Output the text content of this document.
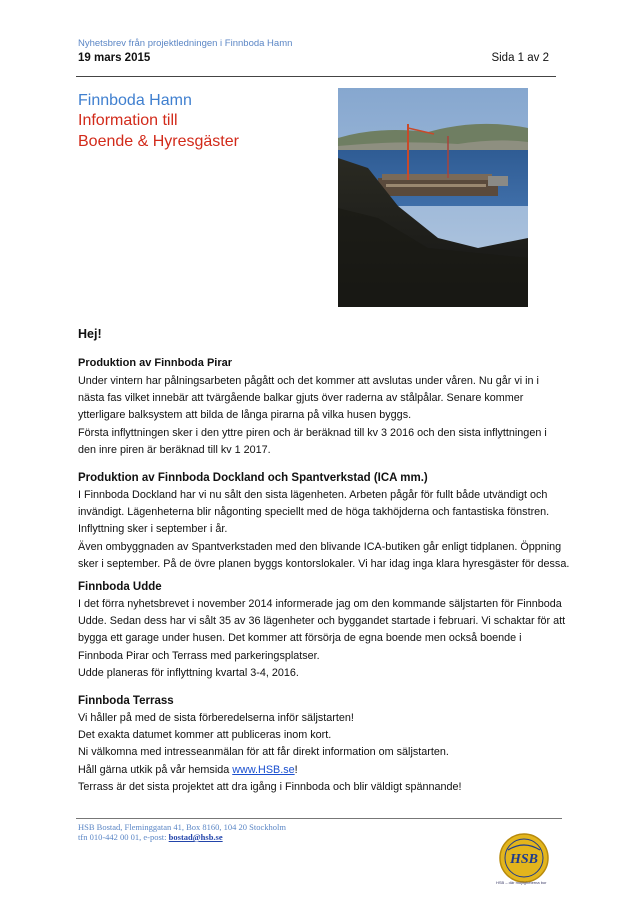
Nyhetsbrev från projektledningen i Finnboda Hamn
19 mars 2015	Sida 1 av 2
Finnboda Hamn
Information till
Boende & Hyresgäster
Hej!
Produktion av Finnboda Pirar
Under vintern har pålningsarbeten pågått och det kommer att avslutas under våren. Nu går vi in i
nästa fas vilket innebär att tvärgående balkar gjuts över raderna av stålpålar. Senare kommer
ytterligare balksystem att bilda de långa pirarna på vilka husen byggs.
Första inflyttningen sker i den yttre piren och är beräknad till kv 3 2016 och den sista inflyttningen i
den inre piren är beräknad till kv 1 2017.
Produktion av Finnboda Dockland och Spantverkstad (ICA mm.)
I Finnboda Dockland har vi nu sålt den sista lägenheten. Arbeten pågår för fullt både utvändigt och
invändigt. Lägenheterna blir någonting speciellt med de höga takhöjderna och fantastiska fönstren.
Inflyttning sker i september i år.
Även ombyggnaden av Spantverkstaden med den blivande ICA-butiken går enligt tidplanen. Öppning
sker i september. På de övre planen byggs kontorslokaler. Vi har idag inga klara hyresgäster för dessa.
Finnboda Udde
I det förra nyhetsbrevet i november 2014 informerade jag om den kommande säljstarten för Finnboda
Udde. Sedan dess har vi sålt 35 av 36 lägenheter och byggandet startade i februari. Vi schaktar för att
bygga ett garage under husen. Det kommer att försörja de egna boende men också boende i
Finnboda Pirar och Terrass med parkeringsplatser.
Udde planeras för inflyttning kvartal 3-4, 2016.
Finnboda Terrass
Vi håller på med de sista förberedelserna inför säljstarten!
Det exakta datumet kommer att publiceras inom kort.
Ni välkomna med intresseanmälan för att får direkt information om säljstarten.
Håll gärna utkik på vår hemsida www.HSB.se!
Terrass är det sista projektet att dra igång i Finnboda och blir väldigt spännande!
HSB Bostad, Fleminggatan 41, Box 8160, 104 20 Stockholm
tfn 010-442 00 01, e-post: bostad@hsb.se
HSB
HSB – där möjligheterna bor
